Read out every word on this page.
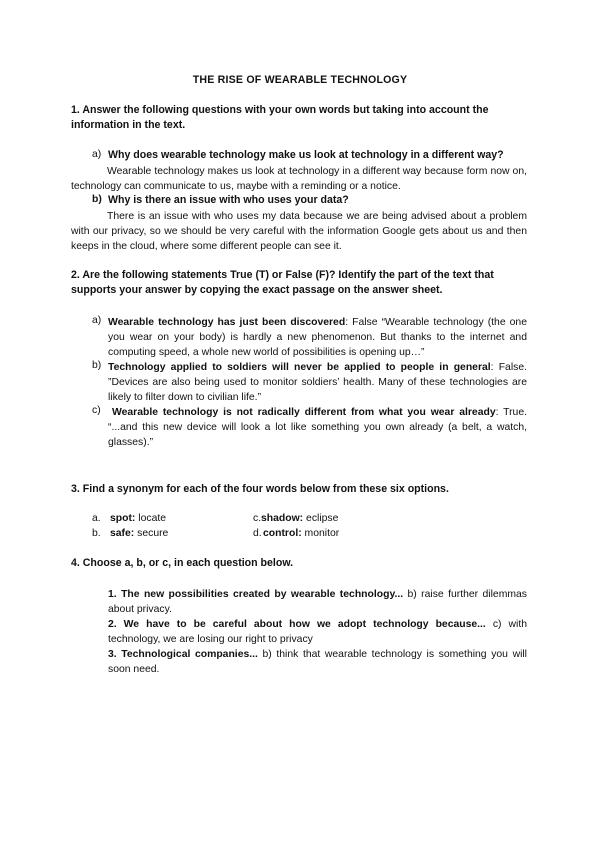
THE RISE OF WEARABLE TECHNOLOGY
1. Answer the following questions with your own words but taking into account the information in the text.
a) Why does wearable technology make us look at technology in a different way?
Wearable technology makes us look at technology in a different way because form now on, technology can communicate to us, maybe with a reminding or a notice.
b) Why is there an issue with who uses your data?
There is an issue with who uses my data because we are being advised about a problem with our privacy, so we should be very careful with the information Google gets about us and then keeps in the cloud, where some different people can see it.
2. Are the following statements True (T) or False (F)? Identify the part of the text that supports your answer by copying the exact passage on the answer sheet.
a) Wearable technology has just been discovered: False “Wearable technology (the one you wear on your body) is hardly a new phenomenon. But thanks to the internet and computing speed, a whole new world of possibilities is opening up…”
b) Technology applied to soldiers will never be applied to people in general: False. ”Devices are also being used to monitor soldiers’ health. Many of these technologies are likely to filter down to civilian life.”
c)	Wearable technology is not radically different from what you wear already: True. “...and this new device will look a lot like something you own already (a belt, a watch, glasses).”
3. Find a synonym for each of the four words below from these six options.
a. spot: locate	c.shadow: eclipse
b. safe: secure	d.control: monitor
4. Choose a, b, or c, in each question below.
1. The new possibilities created by wearable technology... b) raise further dilemmas about privacy.
2. We have to be careful about how we adopt technology because... c) with technology, we are losing our right to privacy
3. Technological companies... b) think that wearable technology is something you will soon need.
